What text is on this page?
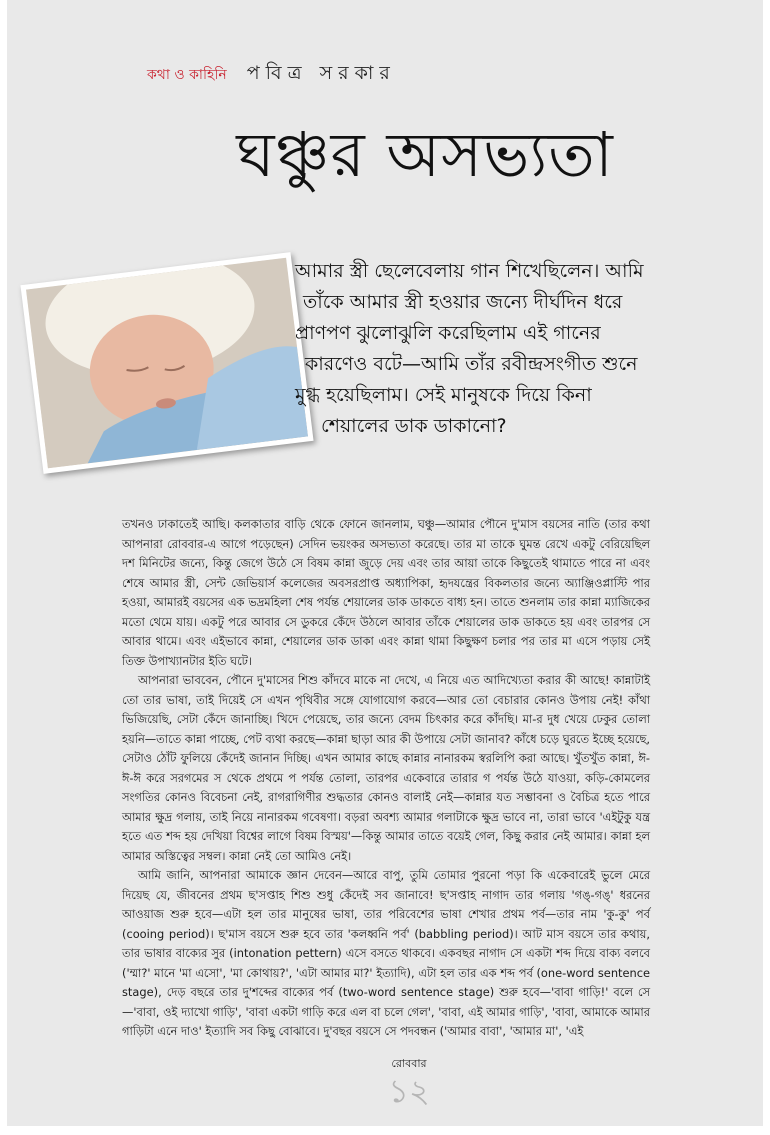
কথা ও কাহিনি পবিত্র সরকার
ঘঞ্চুর অসভ্যতা
আমার স্ত্রী ছেলেবেলায় গান শিখেছিলেন। আমি
তাঁকে আমার স্ত্রী হওয়ার জন্যে দীর্ঘদিন ধরে
প্রাণপণ ঝুলোঝুলি করেছিলাম এই গানের
কারণেও বটে—আমি তাঁর রবীন্দ্রসংগীত শুনে
মুগ্ধ হয়েছিলাম। সেই মানুষকে দিয়ে কিনা
শেয়ালের ডাক ডাকানো?

তখনও ঢাকাতেই আছি। কলকাতার বাড়ি থেকে ফোনে জানলাম, ঘঞ্চু—আমার পৌনে দু'মাস বয়সের নাতি (তার কথা আপনারা রোববার-এ আগে পড়েছেন) সেদিন ভয়ংকর অসভ্যতা করেছে। তার মা তাকে ঘুমন্ত রেখে একটু বেরিয়েছিল দশ মিনিটের জন্যে, কিন্তু জেগে উঠে সে বিষম কান্না জুড়ে দেয় এবং তার আয়া তাকে কিছুতেই থামাতে পারে না এবং শেষে আমার স্ত্রী, সেন্ট জেভিয়ার্স কলেজের অবসরপ্রাপ্ত অধ্যাপিকা, হৃদযন্ত্রের বিকলতার জন্যে অ্যাঞ্জিওপ্লাস্টি পার হওয়া, আমারই বয়সের এক ভদ্রমহিলা শেষ পর্যন্ত শেয়ালের ডাক ডাকতে বাধ্য হন। তাতে শুনলাম তার কান্না ম্যাজিকের মতো থেমে যায়। একটু পরে আবার সে ডুকরে কেঁদে উঠলে আবার তাঁকে শেয়ালের ডাক ডাকতে হয় এবং তারপর সে আবার থামে। এবং এইভাবে কান্না, শেয়ালের ডাক ডাকা এবং কান্না থামা কিছুক্ষণ চলার পর তার মা এসে পড়ায় সেই তিক্ত উপাখ্যানটার ইতি ঘটে।

আপনারা ভাববেন, পৌনে দু'মাসের শিশু কাঁদবে মাকে না দেখে, এ নিয়ে এত আদিখ্যেতা করার কী আছে! কান্নাটাই তো তার ভাষা, তাই দিয়েই সে এখন পৃথিবীর সঙ্গে যোগাযোগ করবে—আর তো বেচারার কোনও উপায় নেই! কাঁথা ভিজিয়েছি, সেটা কেঁদে জানাচ্ছি। খিদে পেয়েছে, তার জন্যে বেদম চিৎকার করে কাঁদছি। মা-র দুধ খেয়ে ঢেকুর তোলা হয়নি—তাতে কান্না পাচ্ছে, পেট ব্যথা করছে—কান্না ছাড়া আর কী উপায়ে সেটা জানাব? কাঁধে চড়ে ঘুরতে ইচ্ছে হয়েছে, সেটাও ঠোঁট ফুলিয়ে কেঁদেই জানান দিচ্ছি। এখন আমার কাছে কান্নার নানারকম স্বরলিপি করা আছে। খুঁতখুঁত কান্না, ঈ-ঈ-ঈ করে সরগমের স থেকে প্রথমে প পর্যন্ত তোলা, তারপর একেবারে তারার গ পর্যন্ত উঠে যাওয়া, কড়ি-কোমলের সংগতির কোনও বিবেচনা নেই, রাগরাগিণীর শুদ্ধতার কোনও বালাই নেই—কান্নার যত সম্ভাবনা ও বৈচিত্র হতে পারে আমার ক্ষুদ্র গলায়, তাই নিয়ে নানারকম গবেষণা। বড়রা অবশ্য আমার গলাটাকে ক্ষুদ্র ভাবে না, তারা ভাবে 'এইটুকু যন্ত্র হতে এত শব্দ হয় দেখিয়া বিশ্বের লাগে বিষম বিস্ময়'—কিন্তু আমার তাতে বয়েই গেল, কিছু করার নেই আমার। কান্না হল আমার অস্তিত্বের সম্বল। কান্না নেই তো আমিও নেই।

আমি জানি, আপনারা আমাকে জ্ঞান দেবেন—আরে বাপু, তুমি তোমার পুরনো পড়া কি একেবারেই ভুলে মেরে দিয়েছ যে, জীবনের প্রথম ছ'সপ্তাহ শিশু শুধু কেঁদেই সব জানাবে! ছ'সপ্তাহ নাগাদ তার গলায় 'গঙ্-গঙ্' ধরনের আওয়াজ শুরু হবে—এটা হল তার মানুষের ভাষা, তার পরিবেশের ভাষা শেখার প্রথম পর্ব—তার নাম 'কু-কু' পর্ব (cooing period)। ছ'মাস বয়সে শুরু হবে তার 'কলধ্বনি পর্ব' (babbling period)। আট মাস বয়সে তার কথায়, তার ভাষার বাক্যের সুর (intonation pettern) এসে বসতে থাকবে। একবছর নাগাদ সে একটা শব্দ দিয়ে বাক্য বলবে ('ম্মা?' মানে 'মা এসো', 'মা কোথায়?', 'এটা আমার মা?' ইত্যাদি), এটা হল তার এক শব্দ পর্ব (one-word sentence stage), দেড় বছরে তার দু'শব্দের বাক্যের পর্ব (two-word sentence stage) শুরু হবে—'বাবা গাড়ি!' বলে সে—'বাবা, ওই দ্যাখো গাড়ি', 'বাবা একটা গাড়ি করে এল বা চলে গেল', 'বাবা, এই আমার গাড়ি', 'বাবা, আমাকে আমার গাড়িটা এনে দাও' ইত্যাদি সব কিছু বোঝাবে। দু'বছর বয়সে সে পদবন্ধন ('আমার বাবা', 'আমার মা', 'এই

রোববার
১২
